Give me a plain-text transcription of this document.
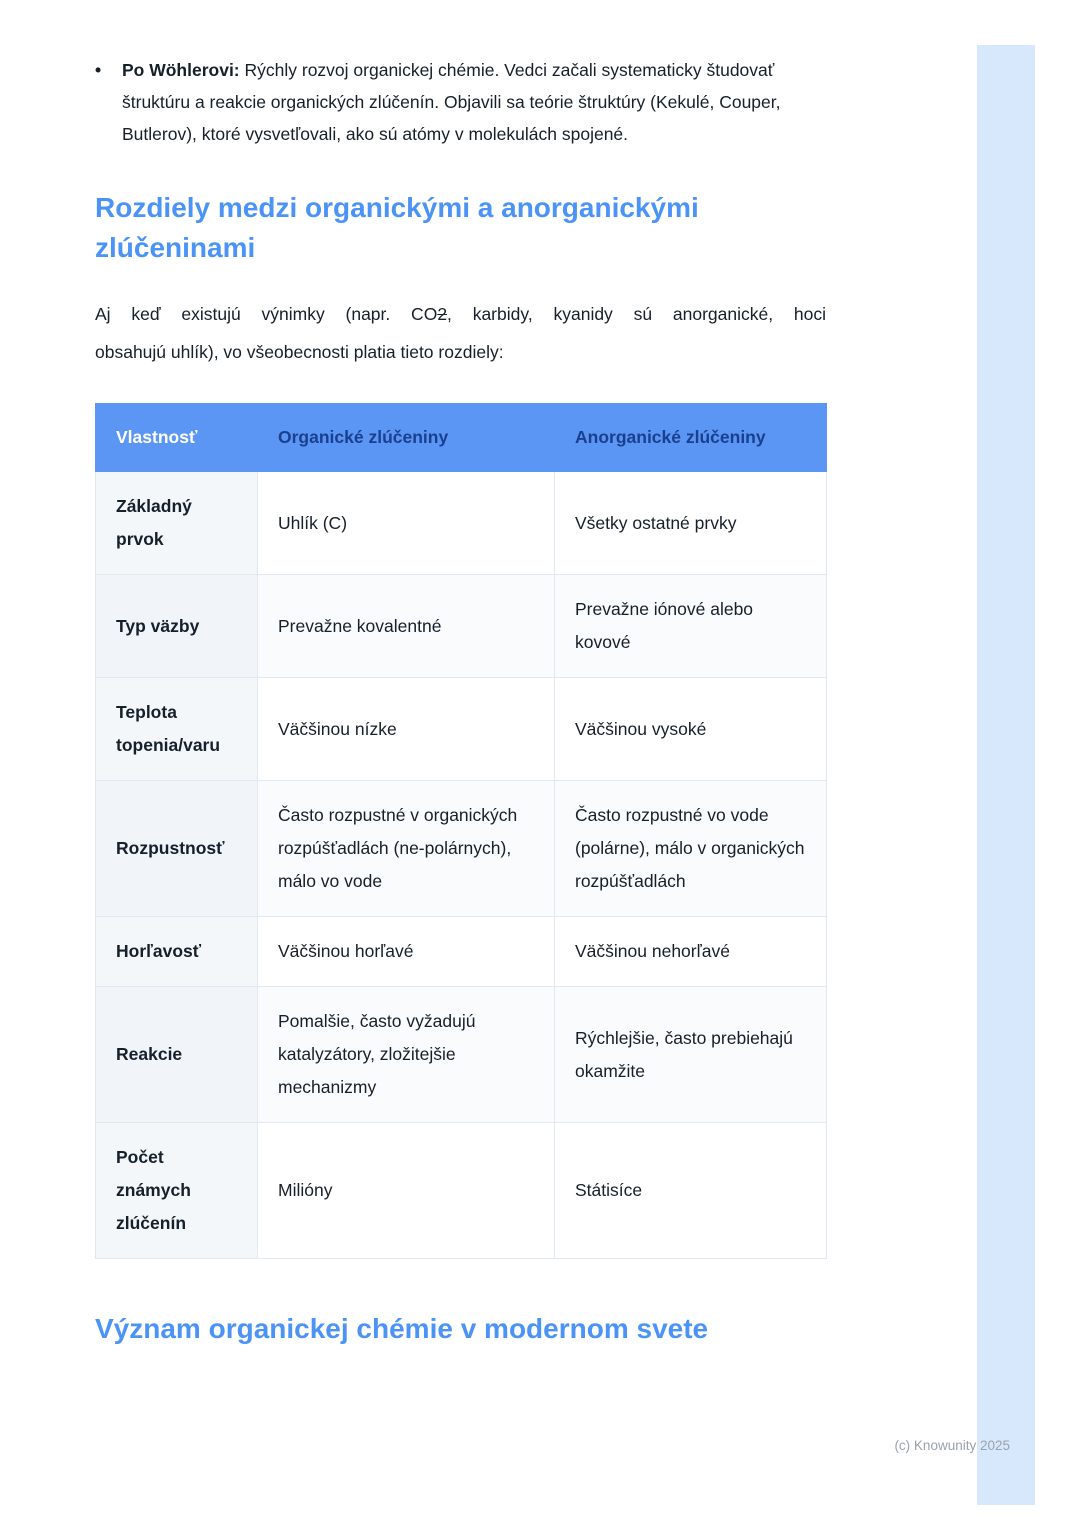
•	Po Wöhlerovi: Rýchly rozvoj organickej chémie. Vedci začali systematicky študovať štruktúru a reakcie organických zlúčenín. Objavili sa teórie štruktúry (Kekulé, Couper, Butlerov), ktoré vysvetľovali, ako sú atómy v molekulách spojené.
Rozdiely medzi organickými a anorganickými zlúčeninami

Aj keď existujú výnimky (napr. CO2, karbidy, kyanidy sú anorganické, hoci
obsahujú uhlík), vo všeobecnosti platia tieto rozdiely:

Vlastnosť	Organické zlúčeniny	Anorganické zlúčeniny
Základný prvok	Uhlík (C)	Všetky ostatné prvky
Typ väzby	Prevažne kovalentné	Prevažne iónové alebo kovové
Teplota topenia/varu	Väčšinou nízke	Väčšinou vysoké
Rozpustnosť	Často rozpustné v organických rozpúšťadlách (ne-polárnych), málo vo vode	Často rozpustné vo vode (polárne), málo v organických rozpúšťadlách
Horľavosť	Väčšinou horľavé	Väčšinou nehorľavé
Reakcie	Pomalšie, často vyžadujú katalyzátory, zložitejšie mechanizmy	Rýchlejšie, často prebiehajú okamžite
Počet známych zlúčenín	Milióny	Státisíce
Význam organickej chémie v modernom svete
(c) Knowunity 2025
